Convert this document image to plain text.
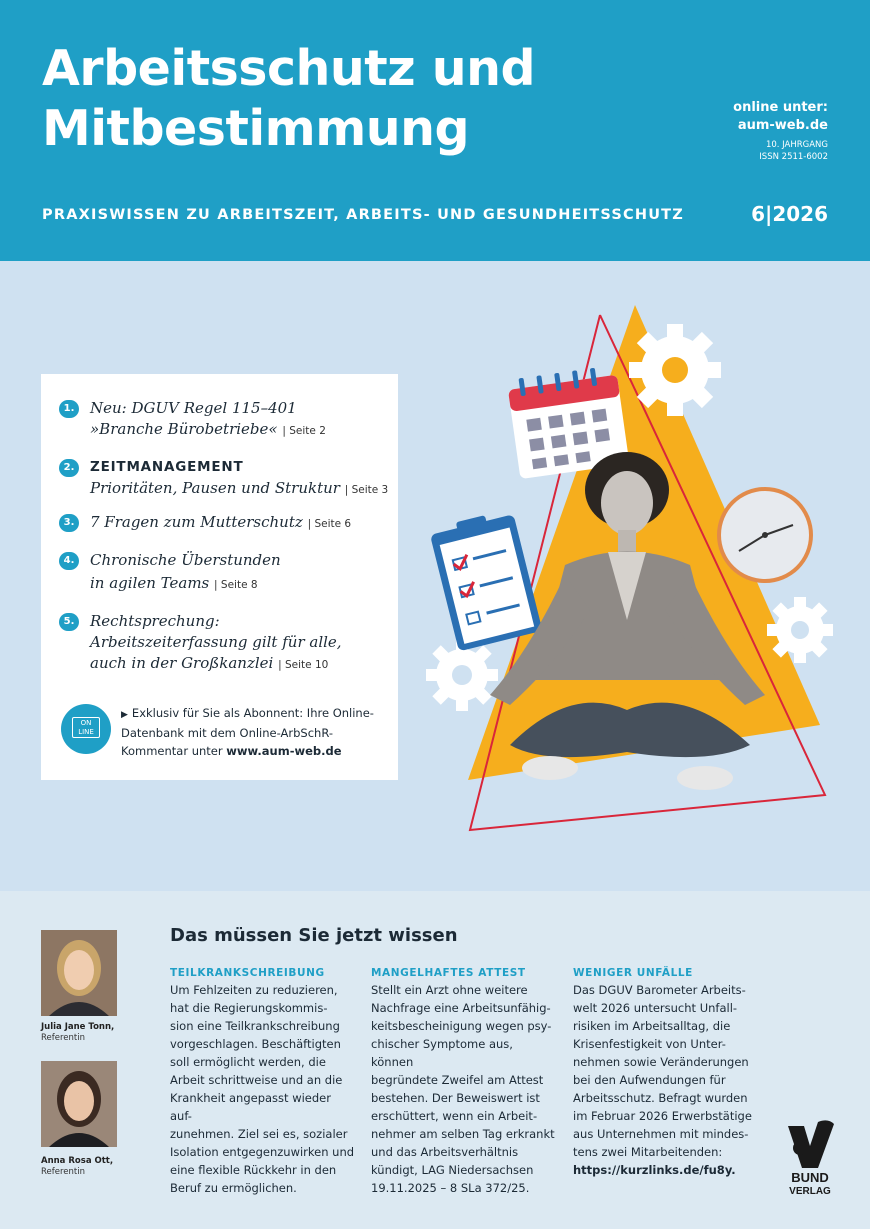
Arbeitsschutz und
Mitbestimmung	online unter:
aum-web.de
10. JAHRGANG
ISSN 2511-6002
PRAXISWISSEN ZU ARBEITSZEIT, ARBEITS- UND GESUNDHEITSSCHUTZ	6|2026
1.	Neu: DGUV Regel 115–401
»Branche Bürobetriebe« | Seite 2
2.	ZEITMANAGEMENT
Prioritäten, Pausen und Struktur | Seite 3
3.	7 Fragen zum Mutterschutz | Seite 6
4.	Chronische Überstunden
in agilen Teams | Seite 8
5.	Rechtsprechung:
Arbeitszeiterfassung gilt für alle,
auch in der Großkanzlei | Seite 10
ON
LINE
▶ Exklusiv für Sie als Abonnent: Ihre Online-
Datenbank mit dem Online-ArbSchR-
Kommentar unter www.aum-web.de
Julia Jane Tonn,
Referentin
Anna Rosa Ott,
Referentin
Das müssen Sie jetzt wissen
TEILKRANKSCHREIBUNG
Um Fehlzeiten zu reduzieren,
hat die Regierungskommis-
sion eine Teilkrankschreibung
vorgeschlagen. Beschäftigten
soll ermöglicht werden, die
Arbeit schrittweise und an die
Krankheit angepasst wieder auf-
zunehmen. Ziel sei es, sozialer
Isolation entgegenzuwirken und
eine flexible Rückkehr in den
Beruf zu ermöglichen.
MANGELHAFTES ATTEST
Stellt ein Arzt ohne weitere
Nachfrage eine Arbeitsunfähig-
keitsbescheinigung wegen psy-
chischer Symptome aus, können
begründete Zweifel am Attest
bestehen. Der Beweiswert ist
erschüttert, wenn ein Arbeit-
nehmer am selben Tag erkrankt
und das Arbeitsverhältnis
kündigt, LAG Niedersachsen
19.11.2025 – 8 SLa 372/25.
WENIGER UNFÄLLE
Das DGUV Barometer Arbeits-
welt 2026 untersucht Unfall-
risiken im Arbeitsalltag, die
Krisenfestigkeit von Unter-
nehmen sowie Veränderungen
bei den Aufwendungen für
Arbeitsschutz. Befragt wurden
im Februar 2026 Erwerbstätige
aus Unternehmen mit mindes-
tens zwei Mitarbeitenden:
https://kurzlinks.de/fu8y.	BUND
VERLAG
